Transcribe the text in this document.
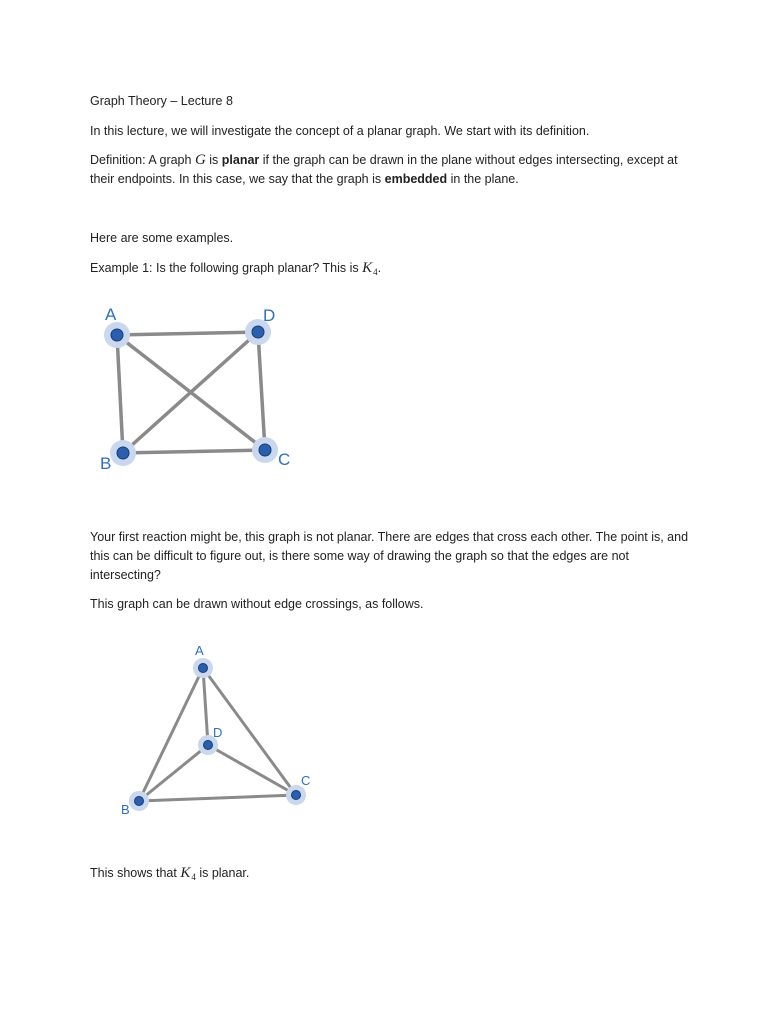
Graph Theory – Lecture 8
In this lecture, we will investigate the concept of a planar graph. We start with its definition.
Definition: A graph G is planar if the graph can be drawn in the plane without edges intersecting, except at their endpoints. In this case, we say that the graph is embedded in the plane.
Here are some examples.
Example 1: Is the following graph planar? This is $K_4$.
A
B	C
D
Your first reaction might be, this graph is not planar. There are edges that cross each other. The point is, and this can be difficult to figure out, is there some way of drawing the graph so that the edges are not intersecting?
This graph can be drawn without edge crossings, as follows.
A
B
C
D
This shows that $K_4$ is planar.
